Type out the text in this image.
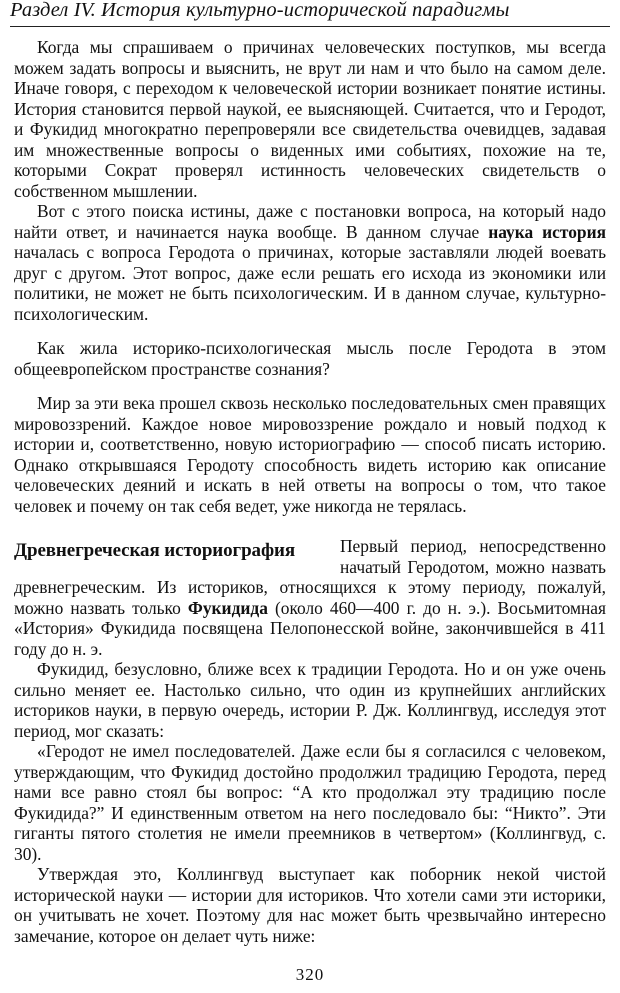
Раздел IV. История культурно-исторической парадигмы

Когда мы спрашиваем о причинах человеческих поступков, мы всегда можем задать вопросы и выяснить, не врут ли нам и что было на самом деле. Иначе говоря, с переходом к человеческой истории возникает понятие истины. История становится первой наукой, ее выясняющей. Считается, что и Геродот, и Фукидид многократно перепроверяли все свидетельства очевидцев, задавая им множественные вопросы о виденных ими событиях, похожие на те, которыми Сократ проверял истинность человеческих свидетельств о собственном мышлении.

Вот с этого поиска истины, даже с постановки вопроса, на который надо найти ответ, и начинается наука вообще. В данном случае наука история началась с вопроса Геродота о причинах, которые заставляли людей воевать друг с другом. Этот вопрос, даже если решать его исхода из экономики или политики, не может не быть психологическим. И в данном случае, культурно-психологическим.

Как жила историко-психологическая мысль после Геродота в этом общеевропейском пространстве сознания?

Мир за эти века прошел сквозь несколько последовательных смен правящих мировоззрений. Каждое новое мировоззрение рождало и новый подход к истории и, соответственно, новую историографию — способ писать историю. Однако открывшаяся Геродоту способность видеть историю как описание человеческих деяний и искать в ней ответы на вопросы о том, что такое человек и почему он так себя ведет, уже никогда не терялась.

Древнегреческая историография	Первый период, непосредственно начатый Геродотом, можно назвать древнегреческим. Из историков, относящихся к этому периоду, пожалуй, можно назвать только Фукидида (около 460—400 г. до н. э.). Восьмитомная «История» Фукидида посвящена Пелопонесской войне, закончившейся в 411 году до н. э.

Фукидид, безусловно, ближе всех к традиции Геродота. Но и он уже очень сильно меняет ее. Настолько сильно, что один из крупнейших английских историков науки, в первую очередь, истории Р. Дж. Коллингвуд, исследуя этот период, мог сказать:

«Геродот не имел последователей. Даже если бы я согласился с человеком, утверждающим, что Фукидид достойно продолжил традицию Геродота, перед нами все равно стоял бы вопрос: “А кто продолжал эту традицию после Фукидида?” И единственным ответом на него последовало бы: “Никто”. Эти гиганты пятого столетия не имели преемников в четвертом» (Коллингвуд, с. 30).

Утверждая это, Коллингвуд выступает как поборник некой чистой исторической науки — истории для историков. Что хотели сами эти историки, он учитывать не хочет. Поэтому для нас может быть чрезвычайно интересно замечание, которое он делает чуть ниже:

320
